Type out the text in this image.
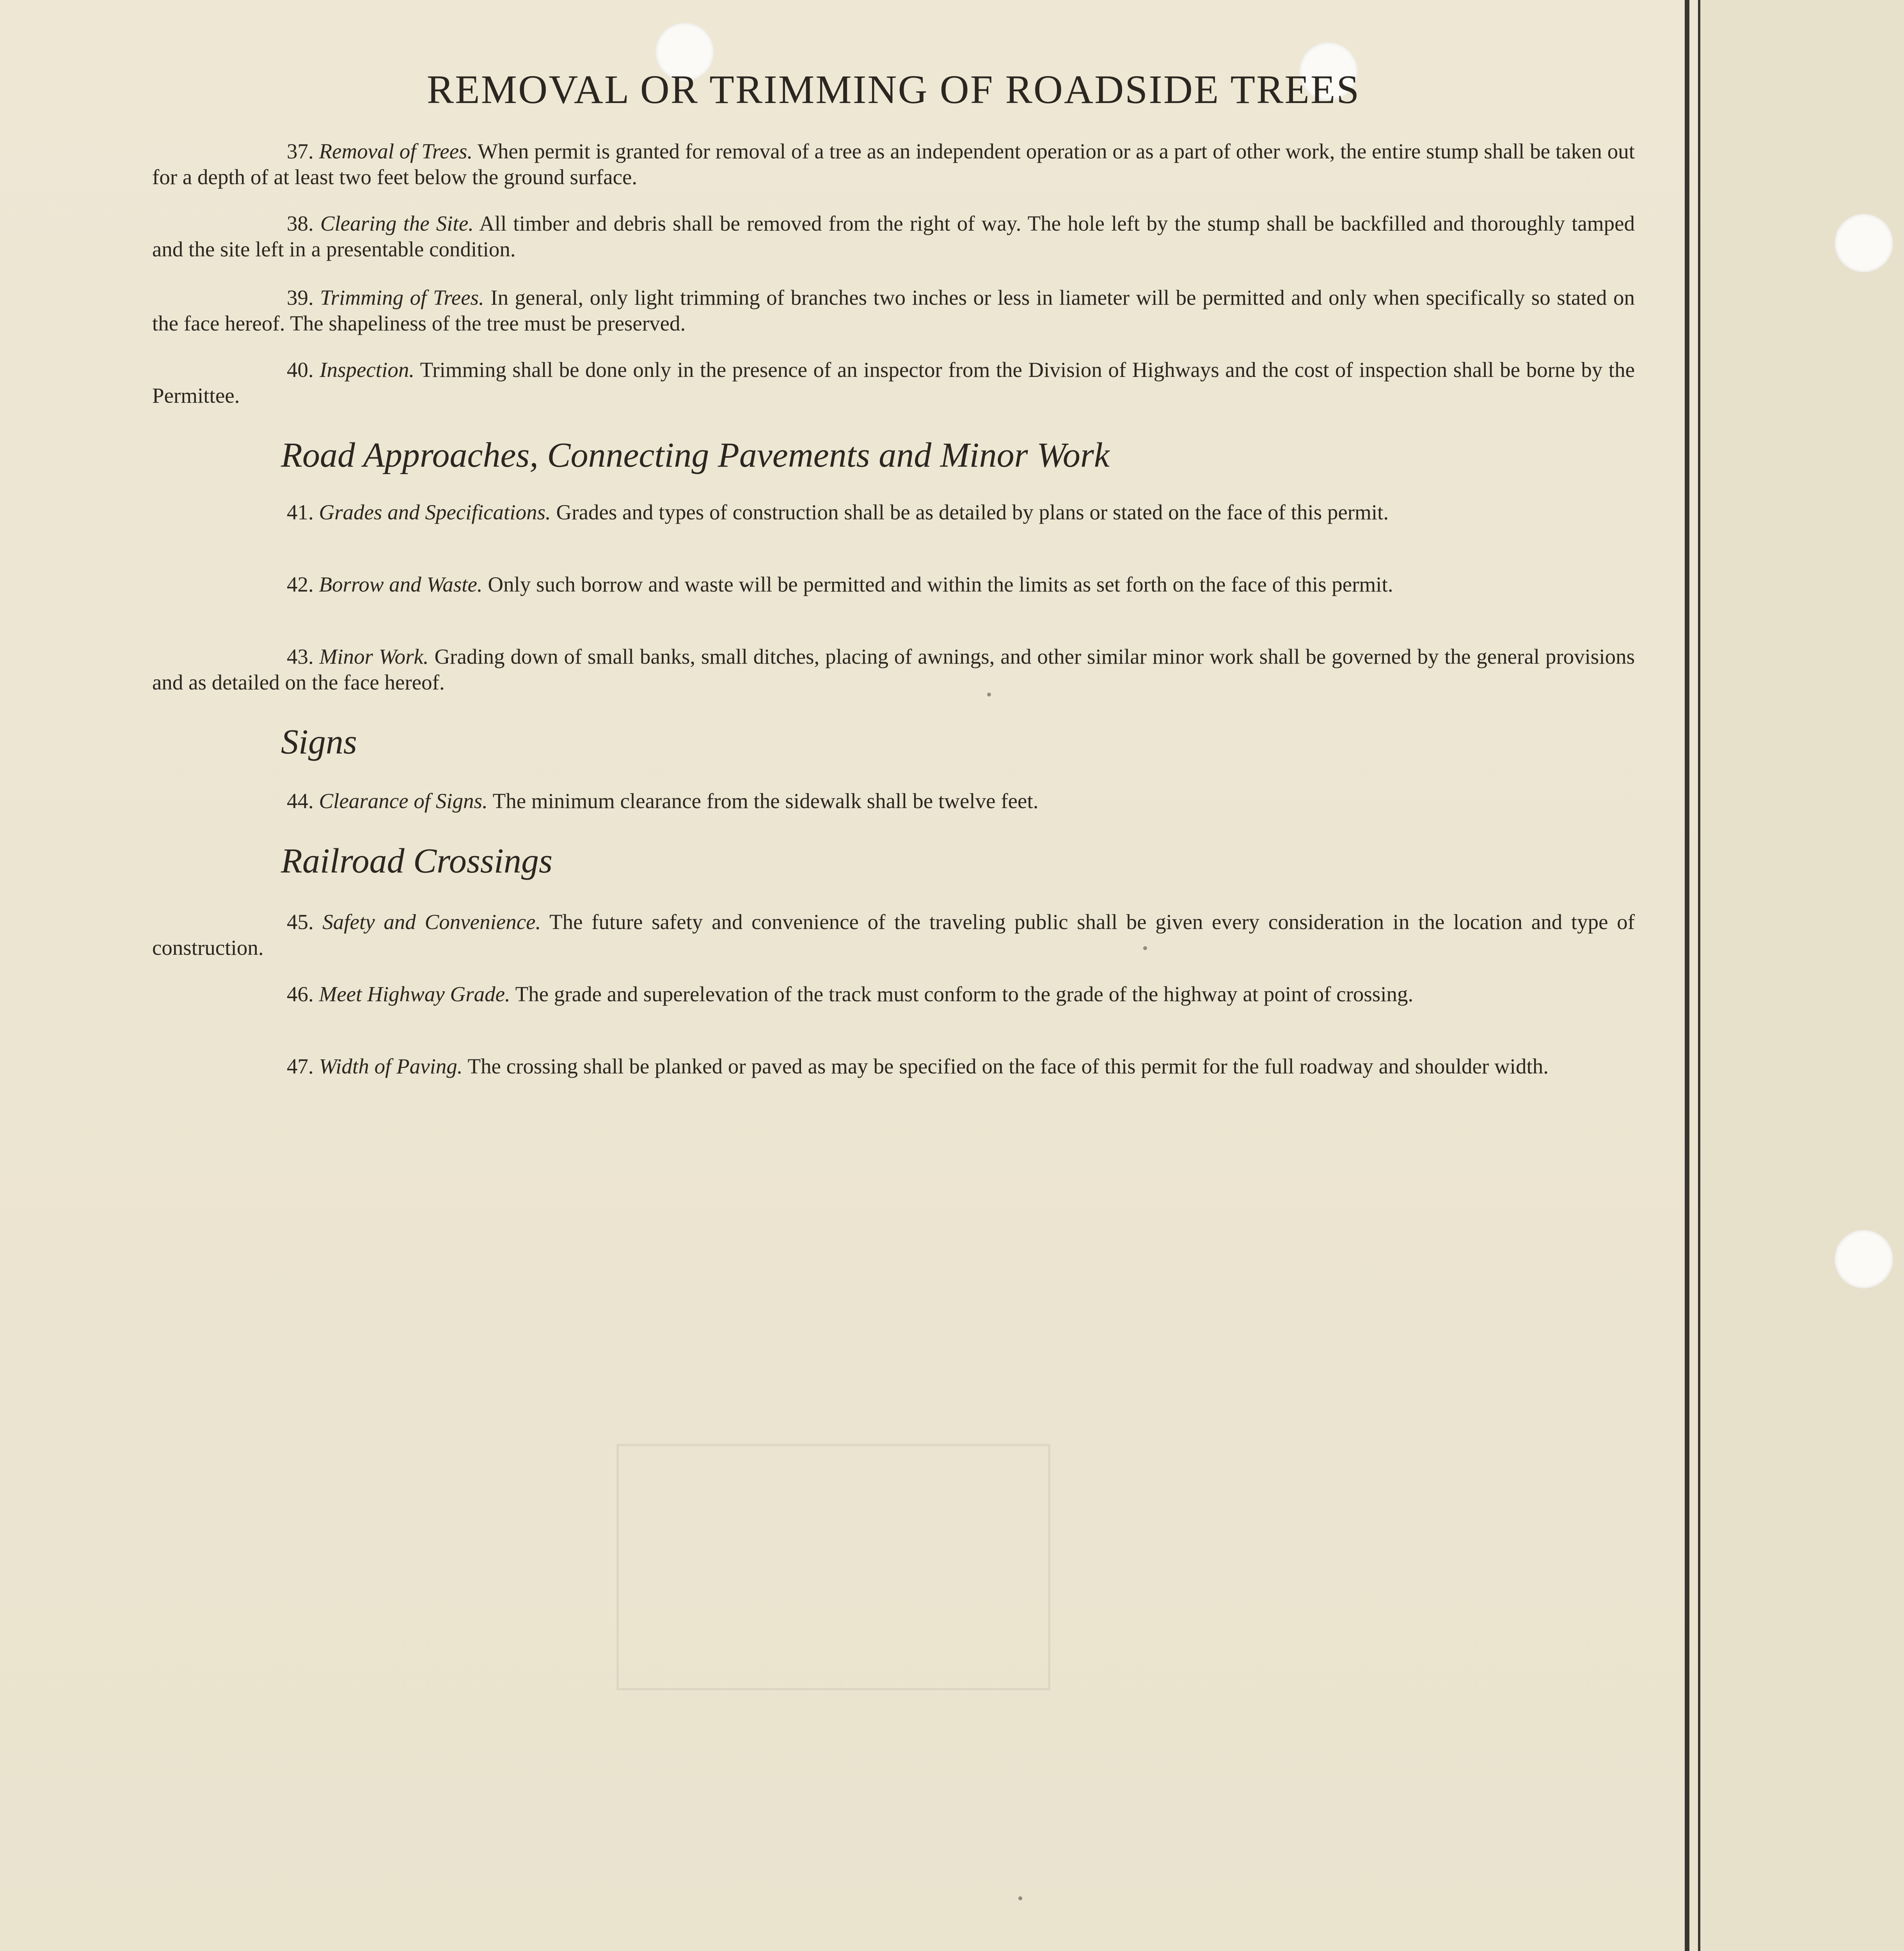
REMOVAL OR TRIMMING OF ROADSIDE TREES
37. Removal of Trees. When permit is granted for removal of a tree as an independent operation or as a part of other work, the entire stump shall be taken out for a depth of at least two feet below the ground surface.
38. Clearing the Site. All timber and debris shall be removed from the right of way. The hole left by the stump shall be backfilled and thoroughly tamped and the site left in a presentable condition.
39. Trimming of Trees. In general, only light trimming of branches two inches or less in liameter will be permitted and only when specifically so stated on the face hereof. The shapeliness of the tree must be preserved.
40. Inspection. Trimming shall be done only in the presence of an inspector from the Division of Highways and the cost of inspection shall be borne by the Permittee.
Road Approaches, Connecting Pavements and Minor Work
41. Grades and Specifications. Grades and types of construction shall be as detailed by plans or stated on the face of this permit.
42. Borrow and Waste. Only such borrow and waste will be permitted and within the limits as set forth on the face of this permit.
43. Minor Work. Grading down of small banks, small ditches, placing of awnings, and other similar minor work shall be governed by the general provisions and as detailed on the face hereof.
Signs
44. Clearance of Signs. The minimum clearance from the sidewalk shall be twelve feet.
Railroad Crossings
45. Safety and Convenience. The future safety and convenience of the traveling public shall be given every consideration in the location and type of construction.
46. Meet Highway Grade. The grade and superelevation of the track must conform to the grade of the highway at point of crossing.
47. Width of Paving. The crossing shall be planked or paved as may be specified on the face of this permit for the full roadway and shoulder width.
